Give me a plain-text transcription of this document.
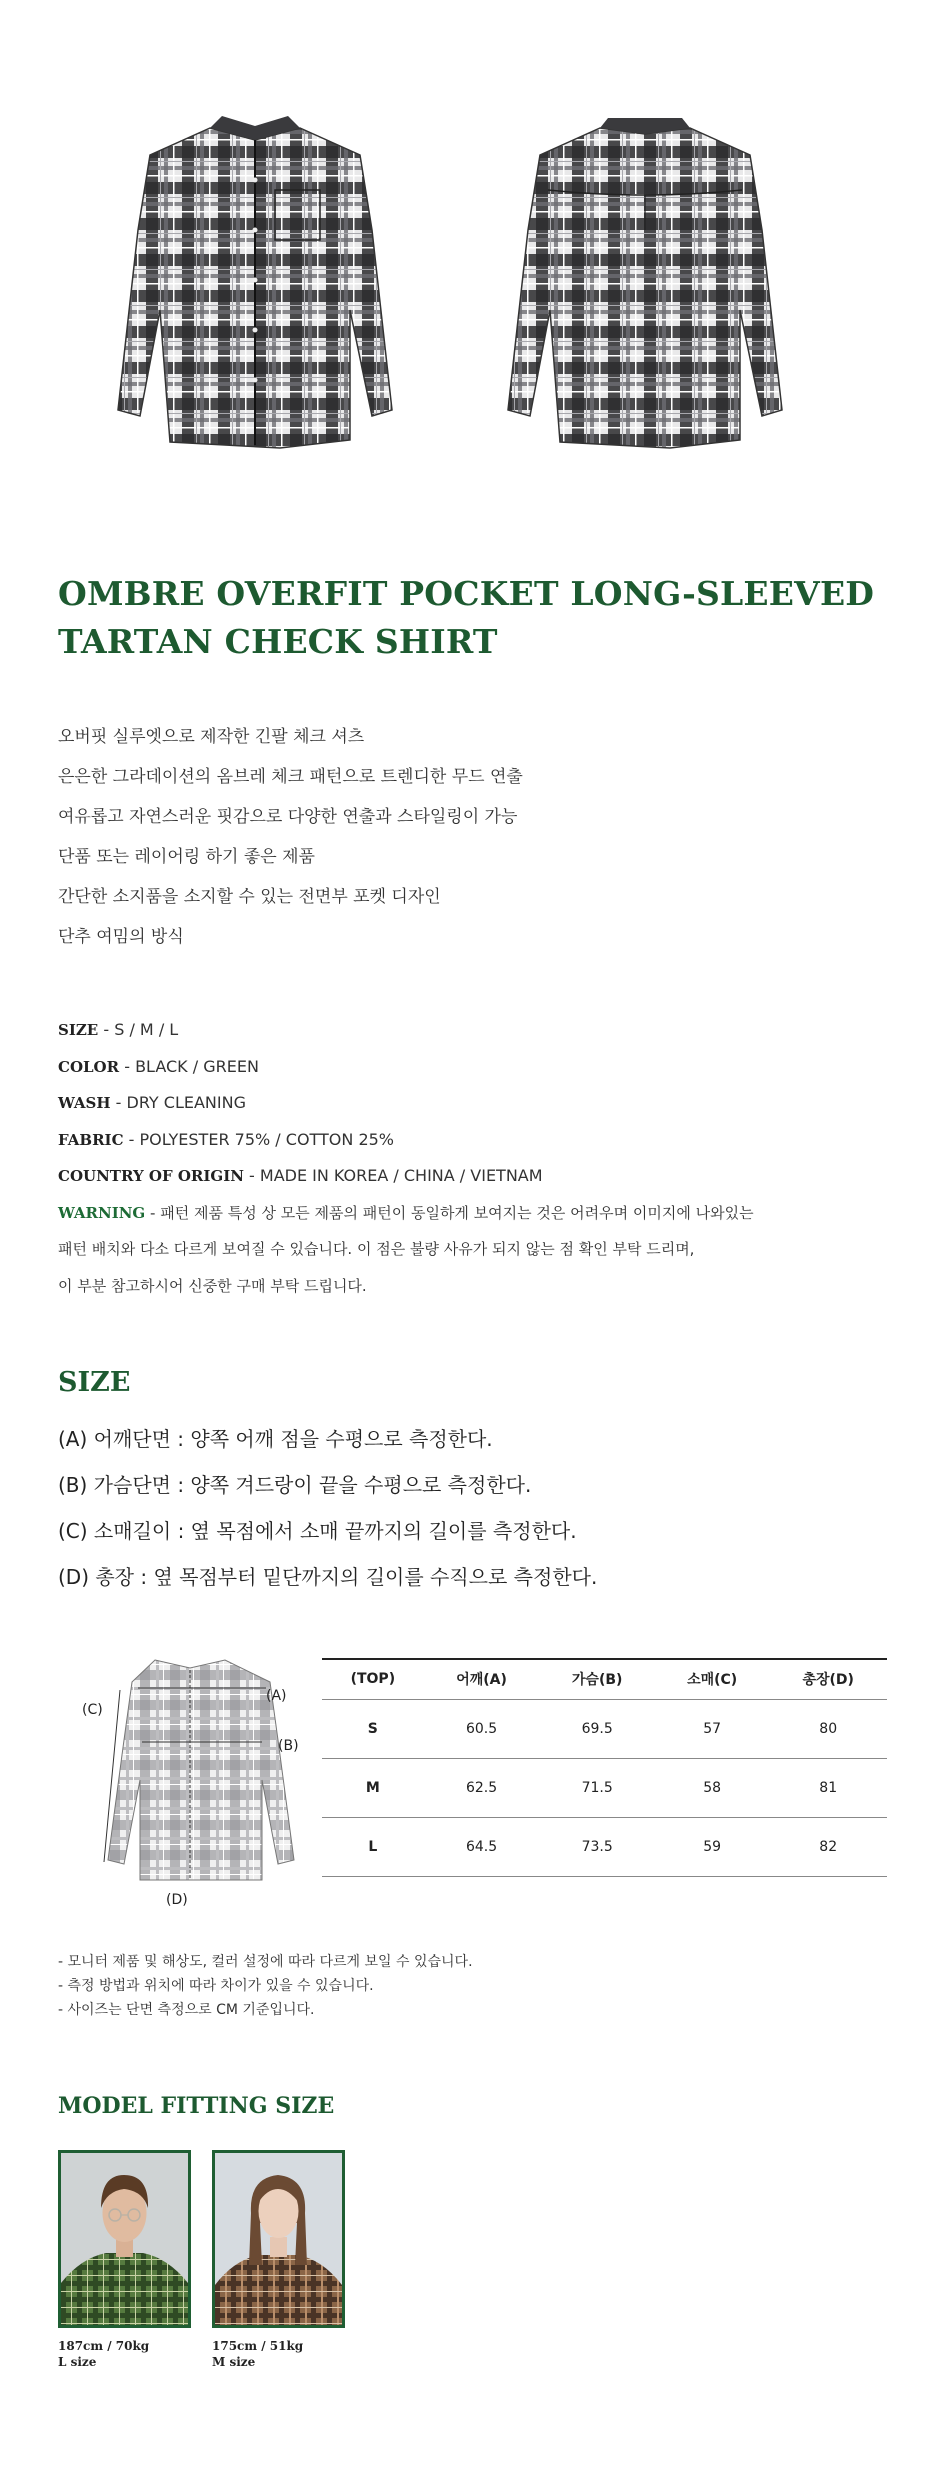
OMBRE OVERFIT POCKET LONG-SLEEVED
TARTAN CHECK SHIRT
오버핏 실루엣으로 제작한 긴팔 체크 셔츠
은은한 그라데이션의 옴브레 체크 패턴으로 트렌디한 무드 연출
여유롭고 자연스러운 핏감으로 다양한 연출과 스타일링이 가능
단품 또는 레이어링 하기 좋은 제품
간단한 소지품을 소지할 수 있는 전면부 포켓 디자인
단추 여밈의 방식
SIZE - S / M / L
COLOR - BLACK / GREEN
WASH - DRY CLEANING
FABRIC - POLYESTER 75% / COTTON 25%
COUNTRY OF ORIGIN - MADE IN KOREA / CHINA / VIETNAM
WARNING - 패턴 제품 특성 상 모든 제품의 패턴이 동일하게 보여지는 것은 어려우며 이미지에 나와있는
패턴 배치와 다소 다르게 보여질 수 있습니다. 이 점은 불량 사유가 되지 않는 점 확인 부탁 드리며,
이 부분 참고하시어 신중한 구매 부탁 드립니다.
SIZE
(A) 어깨단면 : 양쪽 어깨 점을 수평으로 측정한다.
(B) 가슴단면 : 양쪽 겨드랑이 끝을 수평으로 측정한다.
(C) 소매길이 : 옆 목점에서 소매 끝까지의 길이를 측정한다.
(D) 총장 : 옆 목점부터 밑단까지의 길이를 수직으로 측정한다.
(A)
(B)
(C)
(D)
(TOP)	어깨(A)	가슴(B)	소매(C)	총장(D)
S	60.5	69.5	57	80
M	62.5	71.5	58	81
L	64.5	73.5	59	82
- 모니터 제품 및 해상도, 컬러 설정에 따라 다르게 보일 수 있습니다.
- 측정 방법과 위치에 따라 차이가 있을 수 있습니다.
- 사이즈는 단면 측정으로 CM 기준입니다.
MODEL FITTING SIZE
187cm / 70kg
L size
175cm / 51kg
M size
